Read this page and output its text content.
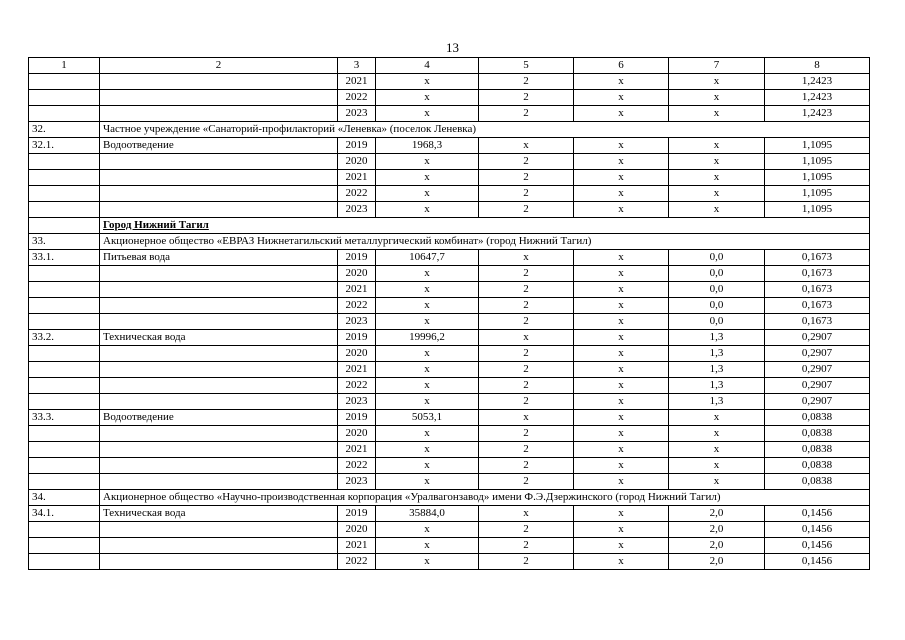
13
1	2	3	4	5	6	7	8
		2021	х	2	х	х	1,2423
		2022	х	2	х	х	1,2423
		2023	х	2	х	х	1,2423
32.	Частное учреждение «Санаторий-профилакторий «Леневка» (поселок Леневка)						
32.1.	Водоотведение	2019	1968,3	х	х	х	1,1095
		2020	х	2	х	х	1,1095
		2021	х	2	х	х	1,1095
		2022	х	2	х	х	1,1095
		2023	х	2	х	х	1,1095
	Город Нижний Тагил						
33.	Акционерное общество «ЕВРАЗ Нижнетагильский металлургический комбинат» (город Нижний Тагил)						
33.1.	Питьевая вода	2019	10647,7	х	х	0,0	0,1673
		2020	х	2	х	0,0	0,1673
		2021	х	2	х	0,0	0,1673
		2022	х	2	х	0,0	0,1673
		2023	х	2	х	0,0	0,1673
33.2.	Техническая вода	2019	19996,2	х	х	1,3	0,2907
		2020	х	2	х	1,3	0,2907
		2021	х	2	х	1,3	0,2907
		2022	х	2	х	1,3	0,2907
		2023	х	2	х	1,3	0,2907
33.3.	Водоотведение	2019	5053,1	х	х	х	0,0838
		2020	х	2	х	х	0,0838
		2021	х	2	х	х	0,0838
		2022	х	2	х	х	0,0838
		2023	х	2	х	х	0,0838
34.	Акционерное общество «Научно-производственная корпорация «Уралвагонзавод» имени Ф.Э.Дзержинского (город Нижний Тагил)						
34.1.	Техническая вода	2019	35884,0	х	х	2,0	0,1456
		2020	х	2	х	2,0	0,1456
		2021	х	2	х	2,0	0,1456
		2022	х	2	х	2,0	0,1456
